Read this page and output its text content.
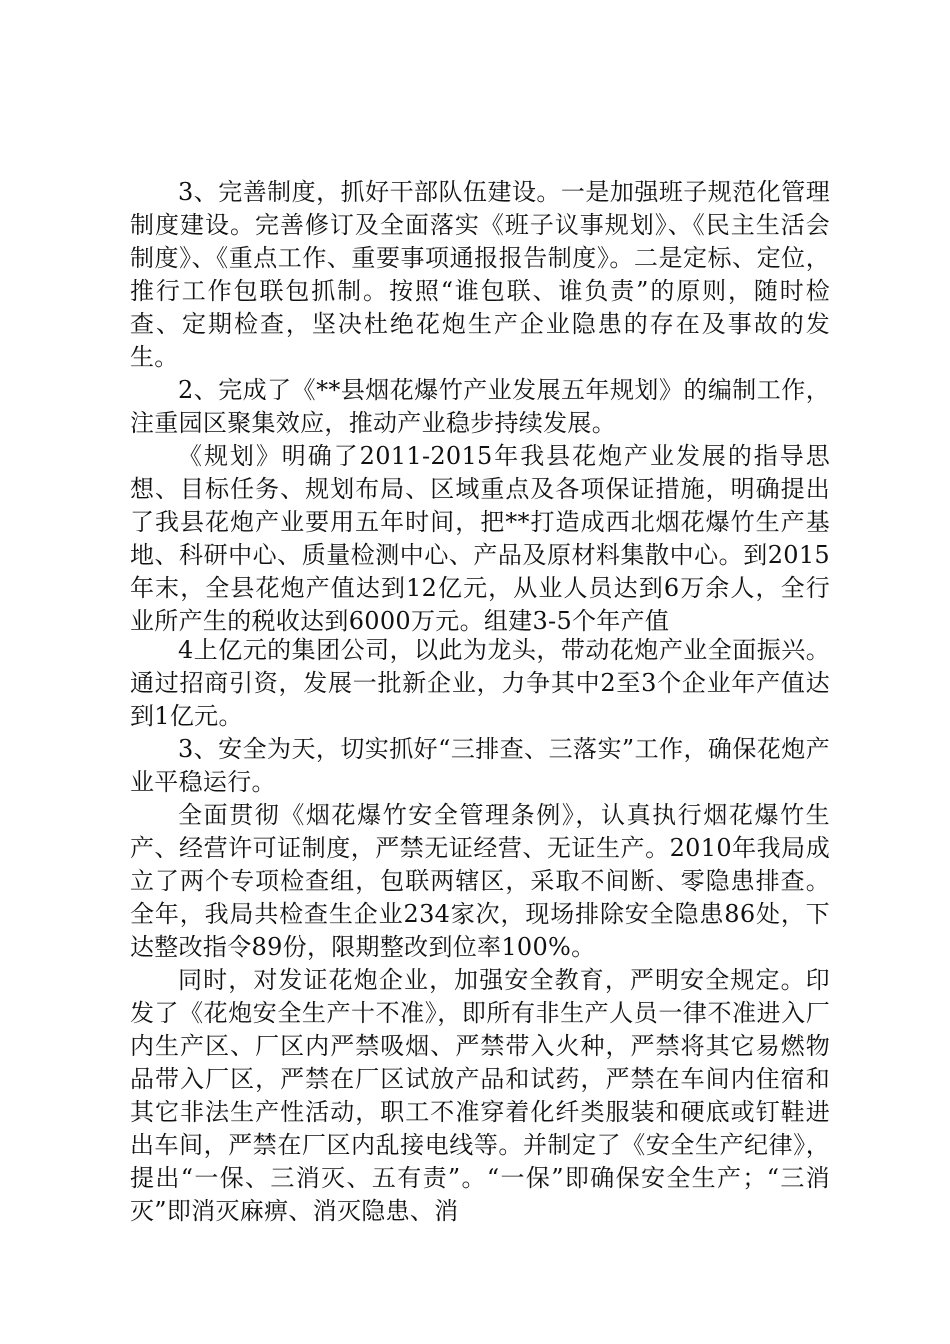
3、完善制度，抓好干部队伍建设。一是加强班子规范化管理制度建设。完善修订及全面落实《班子议事规划》、《民主生活会制度》、《重点工作、重要事项通报报告制度》。二是定标、定位，推行工作包联包抓制。按照“谁包联、谁负责”的原则，随时检查、定期检查，坚决杜绝花炮生产企业隐患的存在及事故的发生。

2、完成了《**县烟花爆竹产业发展五年规划》的编制工作，注重园区聚集效应，推动产业稳步持续发展。

《规划》明确了2011-2015年我县花炮产业发展的指导思想、目标任务、规划布局、区域重点及各项保证措施，明确提出了我县花炮产业要用五年时间，把**打造成西北烟花爆竹生产基地、科研中心、质量检测中心、产品及原材料集散中心。到2015年末，全县花炮产值达到12亿元，从业人员达到6万余人，全行业所产生的税收达到6000万元。组建3-5个年产值

4上亿元的集团公司，以此为龙头，带动花炮产业全面振兴。通过招商引资，发展一批新企业，力争其中2至3个企业年产值达到1亿元。

3、安全为天，切实抓好“三排查、三落实”工作，确保花炮产业平稳运行。

全面贯彻《烟花爆竹安全管理条例》，认真执行烟花爆竹生产、经营许可证制度，严禁无证经营、无证生产。2010年我局成立了两个专项检查组，包联两辖区，采取不间断、零隐患排查。全年，我局共检查生企业234家次，现场排除安全隐患86处，下达整改指令89份，限期整改到位率100%。

同时，对发证花炮企业，加强安全教育，严明安全规定。印发了《花炮安全生产十不准》，即所有非生产人员一律不准进入厂内生产区、厂区内严禁吸烟、严禁带入火种，严禁将其它易燃物品带入厂区，严禁在厂区试放产品和试药，严禁在车间内住宿和其它非法生产性活动，职工不准穿着化纤类服装和硬底或钉鞋进出车间，严禁在厂区内乱接电线等。并制定了《安全生产纪律》，提出“一保、三消灭、五有责”。“一保”即确保安全生产；“三消灭”即消灭麻痹、消灭隐患、消
